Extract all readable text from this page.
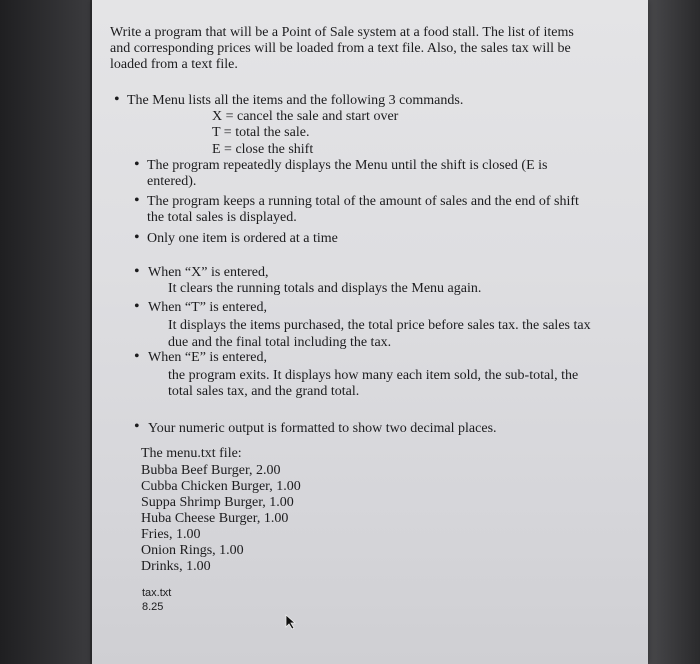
Write a program that will be a Point of Sale system at a food stall. The list of items
and corresponding prices will be loaded from a text file. Also, the sales tax will be
loaded from a text file.
• The Menu lists all the items and the following 3 commands.
X = cancel the sale and start over
T = total the sale.
E = close the shift
• The program repeatedly displays the Menu until the shift is closed (E is
entered).
• The program keeps a running total of the amount of sales and the end of shift
the total sales is displayed.
• Only one item is ordered at a time
• When “X” is entered,
It clears the running totals and displays the Menu again.
• When “T” is entered,
It displays the items purchased, the total price before sales tax. the sales tax
due and the final total including the tax.
• When “E” is entered,
the program exits. It displays how many each item sold, the sub-total, the
total sales tax, and the grand total.
• Your numeric output is formatted to show two decimal places.
The menu.txt file:
Bubba Beef Burger, 2.00
Cubba Chicken Burger, 1.00
Suppa Shrimp Burger, 1.00
Huba Cheese Burger, 1.00
Fries, 1.00
Onion Rings, 1.00
Drinks, 1.00
tax.txt
8.25
